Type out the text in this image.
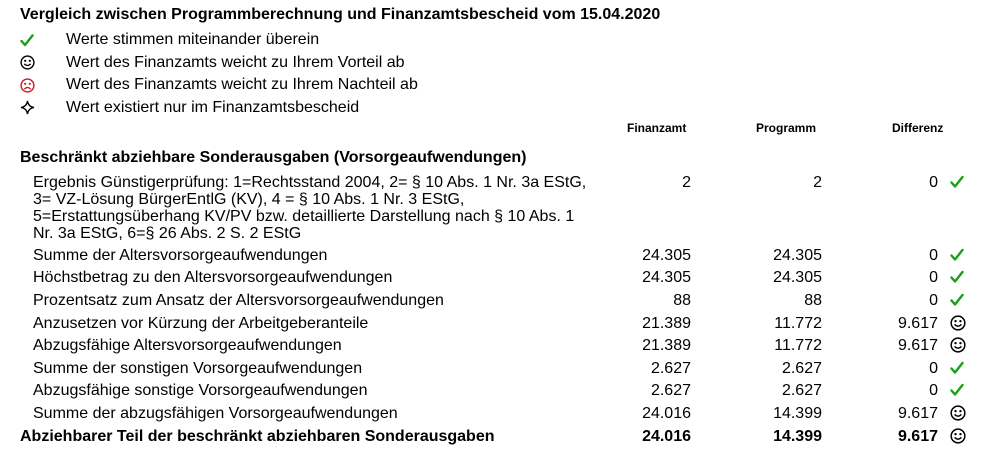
Vergleich zwischen Programmberechnung und Finanzamtsbescheid vom 15.04.2020
Werte stimmen miteinander überein
Wert des Finanzamts weicht zu Ihrem Vorteil ab
Wert des Finanzamts weicht zu Ihrem Nachteil ab
Wert existiert nur im Finanzamtsbescheid
Finanzamt	Programm	Differenz
Beschränkt abziehbare Sonderausgaben (Vorsorgeaufwendungen)
Ergebnis Günstigerprüfung: 1=Rechtsstand 2004, 2= § 10 Abs. 1 Nr. 3a EStG, 3= VZ-Lösung BürgerEntlG (KV), 4 = § 10 Abs. 1 Nr. 3 EStG, 5=Erstattungsüberhang KV/PV bzw. detaillierte Darstellung nach § 10 Abs. 1 Nr. 3a EStG, 6=§ 26 Abs. 2 S. 2 EStG
2	2	0
Summe der Altersvorsorgeaufwendungen	24.305	24.305	0
Höchstbetrag zu den Altersvorsorgeaufwendungen	24.305	24.305	0
Prozentsatz zum Ansatz der Altersvorsorgeaufwendungen	88	88	0
Anzusetzen vor Kürzung der Arbeitgeberanteile	21.389	11.772	9.617
Abzugsfähige Altersvorsorgeaufwendungen	21.389	11.772	9.617
Summe der sonstigen Vorsorgeaufwendungen	2.627	2.627	0
Abzugsfähige sonstige Vorsorgeaufwendungen	2.627	2.627	0
Summe der abzugsfähigen Vorsorgeaufwendungen	24.016	14.399	9.617
Abziehbarer Teil der beschränkt abziehbaren Sonderausgaben	24.016	14.399	9.617
